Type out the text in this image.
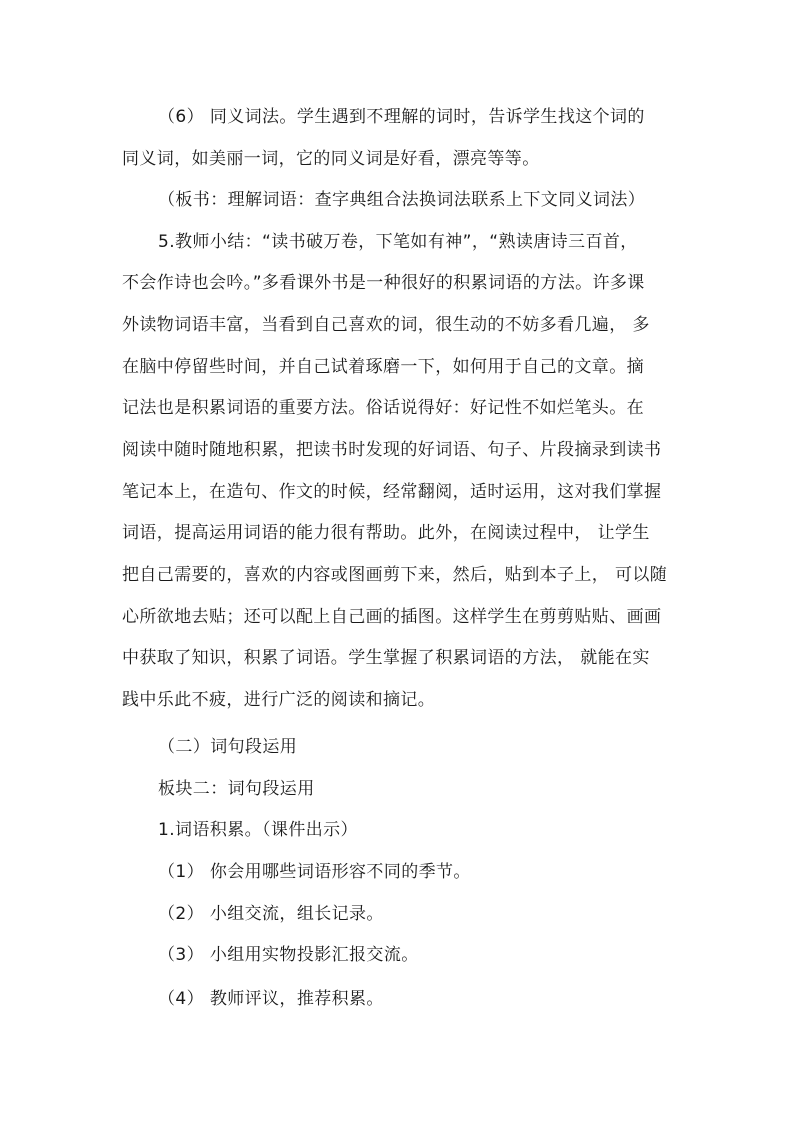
（6） 同义词法。学生遇到不理解的词时，告诉学生找这个词的
同义词，如美丽一词，它的同义词是好看，漂亮等等。
（板书：理解词语：查字典组合法换词法联系上下文同义词法）
5.教师小结：“读书破万卷，下笔如有神”，“熟读唐诗三百首，
不会作诗也会吟。”多看课外书是一种很好的积累词语的方法。许多课
外读物词语丰富，当看到自己喜欢的词，很生动的不妨多看几遍， 多
在脑中停留些时间，并自己试着琢磨一下，如何用于自己的文章。摘
记法也是积累词语的重要方法。俗话说得好：好记性不如烂笔头。在
阅读中随时随地积累，把读书时发现的好词语、句子、片段摘录到读书
笔记本上，在造句、作文的时候，经常翻阅，适时运用，这对我们掌握
词语，提高运用词语的能力很有帮助。此外，在阅读过程中， 让学生
把自己需要的，喜欢的内容或图画剪下来，然后，贴到本子上， 可以随
心所欲地去贴；还可以配上自己画的插图。这样学生在剪剪贴贴、画画
中获取了知识，积累了词语。学生掌握了积累词语的方法， 就能在实
践中乐此不疲，进行广泛的阅读和摘记。
（二）词句段运用
板块二：词句段运用
1.词语积累。（课件出示）
（1） 你会用哪些词语形容不同的季节。
（2） 小组交流，组长记录。
（3） 小组用实物投影汇报交流。
（4） 教师评议，推荐积累。
